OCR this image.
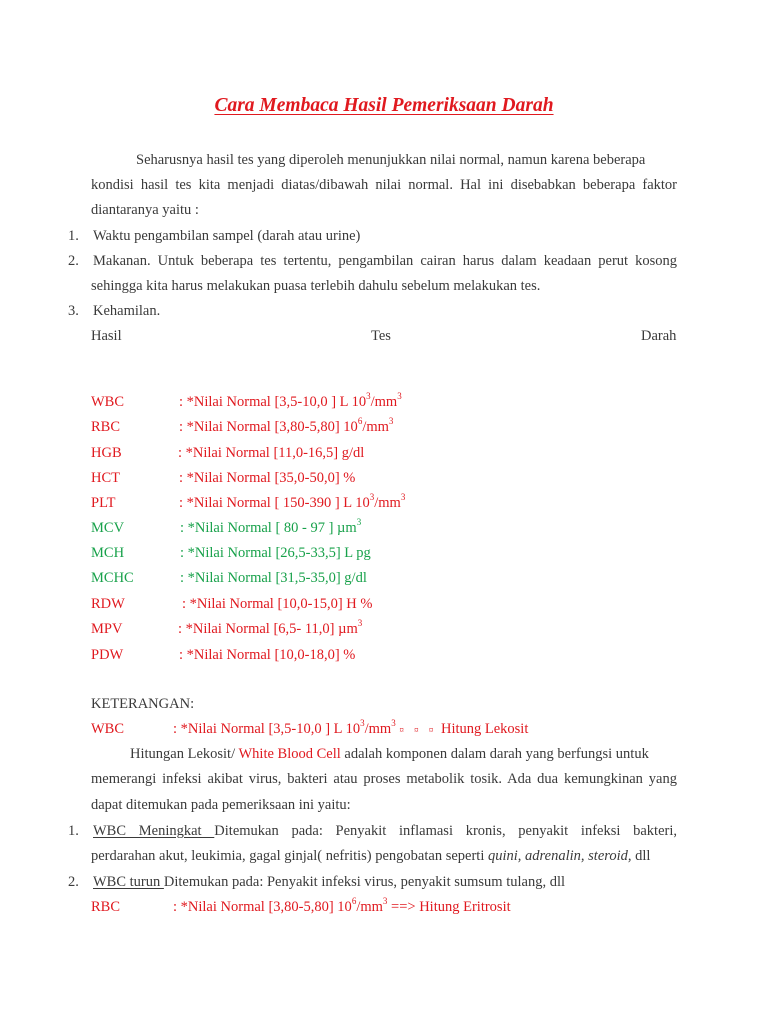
Cara Membaca Hasil Pemeriksaan Darah
Seharusnya hasil tes yang diperoleh menunjukkan nilai normal, namun karena beberapa
kondisi hasil tes kita menjadi diatas/dibawah nilai normal. Hal ini disebabkan beberapa faktor
diantaranya yaitu :
1. Waktu pengambilan sampel (darah atau urine)
2. Makanan. Untuk beberapa tes tertentu, pengambilan cairan harus dalam keadaan perut kosong
sehingga kita harus melakukan puasa terlebih dahulu sebelum melakukan tes.
3. Kehamilan.
Hasil	Tes	Darah
WBC	: *Nilai Normal [3,5-10,0 ] L $10^3/mm^3$
RBC	: *Nilai Normal [3,80-5,80] $10^6/mm^3$
HGB	: *Nilai Normal [11,0-16,5] g/dl
HCT	: *Nilai Normal [35,0-50,0] %
PLT	: *Nilai Normal [ 150-390 ] L $10^3/mm^3$
MCV	: *Nilai Normal [ 80 - 97 ] µm$^3$
MCH	: *Nilai Normal [26,5-33,5] L pg
MCHC	: *Nilai Normal [31,5-35,0] g/dl
RDW	: *Nilai Normal [10,0-15,0] H %
MPV	: *Nilai Normal [6,5- 11,0] µm$^3$
PDW	: *Nilai Normal [10,0-18,0] %
KETERANGAN:
WBC	: *Nilai Normal [3,5-10,0 ] L $10^3/mm^3$ ¤ ¤ ¤ Hitung Lekosit
Hitungan Lekosit/ White Blood Cell adalah komponen dalam darah yang berfungsi untuk
memerangi infeksi akibat virus, bakteri atau proses metabolik tosik. Ada dua kemungkinan yang
dapat ditemukan pada pemeriksaan ini yaitu:
1. WBC Meningkat Ditemukan pada: Penyakit inflamasi kronis, penyakit infeksi bakteri,
perdarahan akut, leukimia, gagal ginjal( nefritis) pengobatan seperti quini, adrenalin, steroid, dll
2. WBC turun Ditemukan pada: Penyakit infeksi virus, penyakit sumsum tulang, dll
RBC	: *Nilai Normal [3,80-5,80] $10^6/mm^3$ ==> Hitung Eritrosit
